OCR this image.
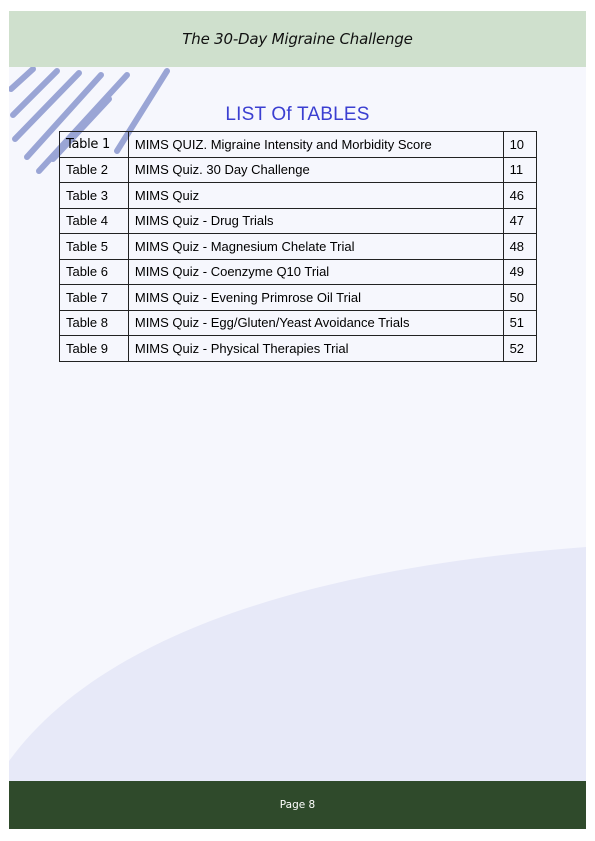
The 30-Day Migraine Challenge
LIST Of TABLES
Table 1	MIMS QUIZ. Migraine Intensity and Morbidity Score	10
Table 2	MIMS Quiz. 30 Day Challenge	11
Table 3	MIMS Quiz	46
Table 4	MIMS Quiz - Drug Trials	47
Table 5	MIMS Quiz - Magnesium Chelate Trial	48
Table 6	MIMS Quiz - Coenzyme Q10 Trial	49
Table 7	MIMS Quiz - Evening Primrose Oil Trial	50
Table 8	MIMS Quiz - Egg/Gluten/Yeast Avoidance Trials	51
Table 9	MIMS Quiz - Physical Therapies Trial	52
Page 8
